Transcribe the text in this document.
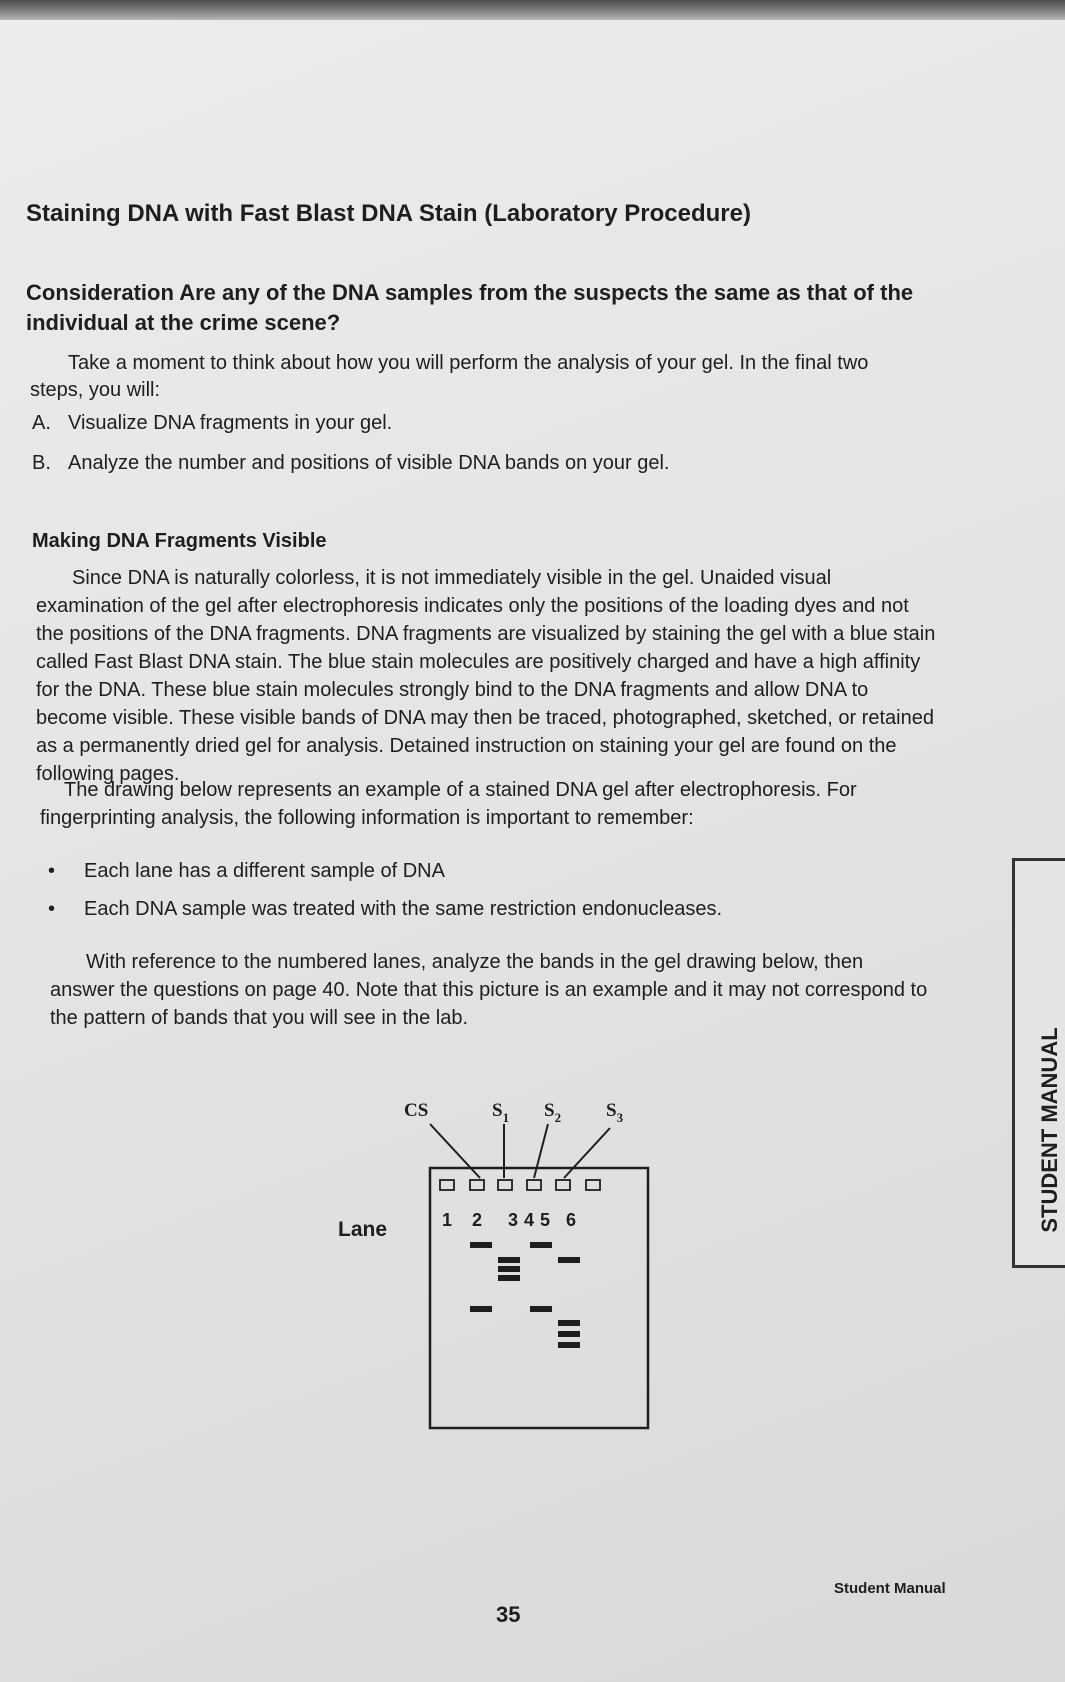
Staining DNA with Fast Blast DNA Stain (Laboratory Procedure)

Consideration Are any of the DNA samples from the suspects the same as that of the individual at the crime scene?

Take a moment to think about how you will perform the analysis of your gel. In the final two steps, you will:

A. Visualize DNA fragments in your gel.

B. Analyze the number and positions of visible DNA bands on your gel.

Making DNA Fragments Visible

Since DNA is naturally colorless, it is not immediately visible in the gel. Unaided visual examination of the gel after electrophoresis indicates only the positions of the loading dyes and not the positions of the DNA fragments. DNA fragments are visualized by staining the gel with a blue stain called Fast Blast DNA stain. The blue stain molecules are positively charged and have a high affinity for the DNA. These blue stain molecules strongly bind to the DNA fragments and allow DNA to become visible. These visible bands of DNA may then be traced, photographed, sketched, or retained as a permanently dried gel for analysis. Detained instruction on staining your gel are found on the following pages.

The drawing below represents an example of a stained DNA gel after electrophoresis. For fingerprinting analysis, the following information is important to remember:

• Each lane has a different sample of DNA

• Each DNA sample was treated with the same restriction endonucleases.

With reference to the numbered lanes, analyze the bands in the gel drawing below, then answer the questions on page 40. Note that this picture is an example and it may not correspond to the pattern of bands that you will see in the lab.

CS	$S_1$ $S_2$ $S_3$
Lane	1 2 3 4 5 6	STUDENT MANUAL
Student Manual
35
